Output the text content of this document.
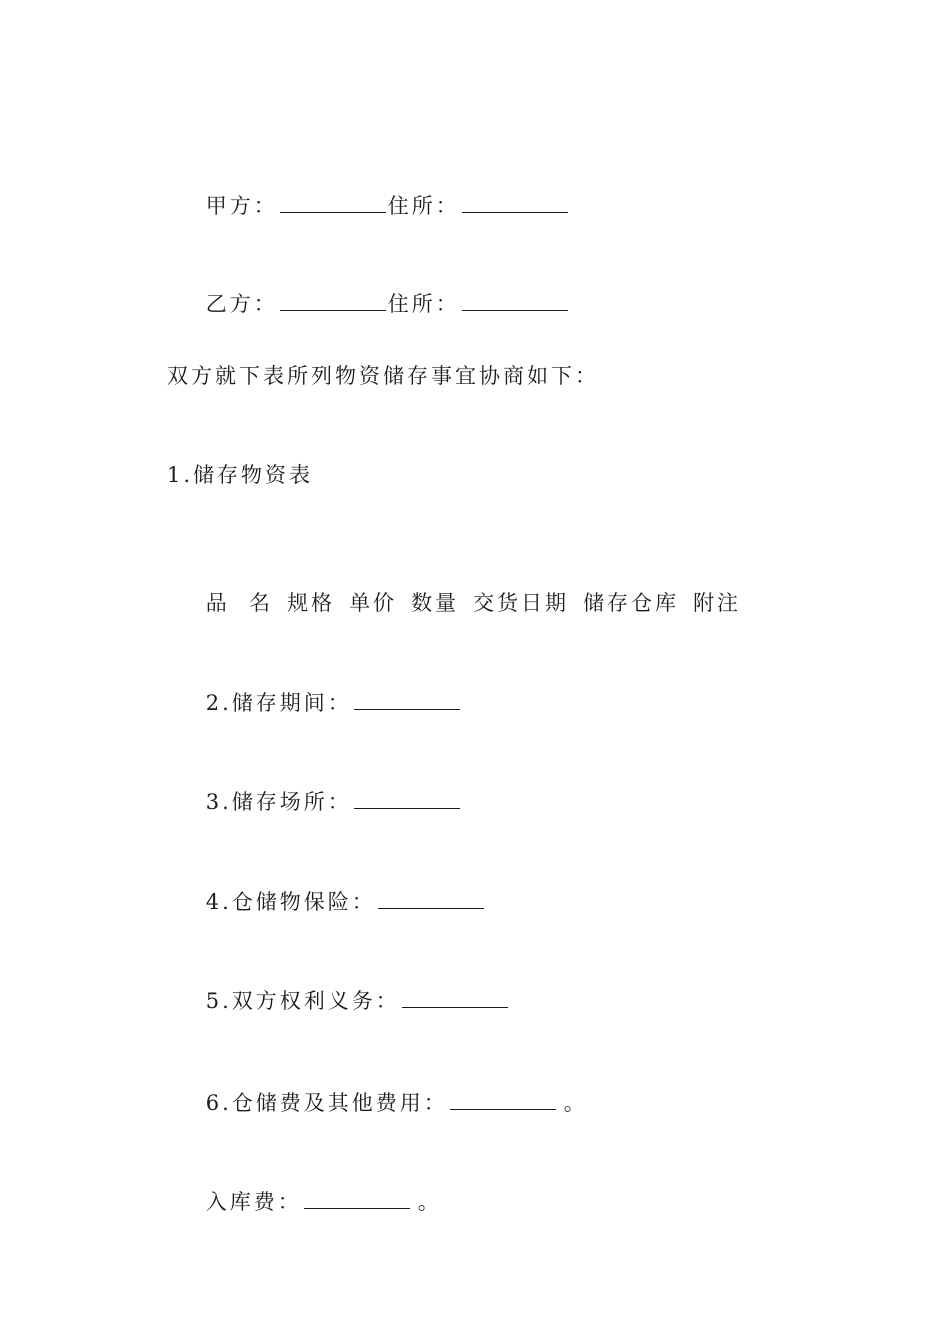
甲方：	住所：

乙方：	住所：

双方就下表所列物资储存事宜协商如下：
1.储存物资表

品  名 规格 单价 数量 交货日期 储存仓库 附注

2.储存期间：

3.储存场所：

4.仓储物保险：

5.双方权利义务：

6.仓储费及其他费用：	。

入库费：	。
